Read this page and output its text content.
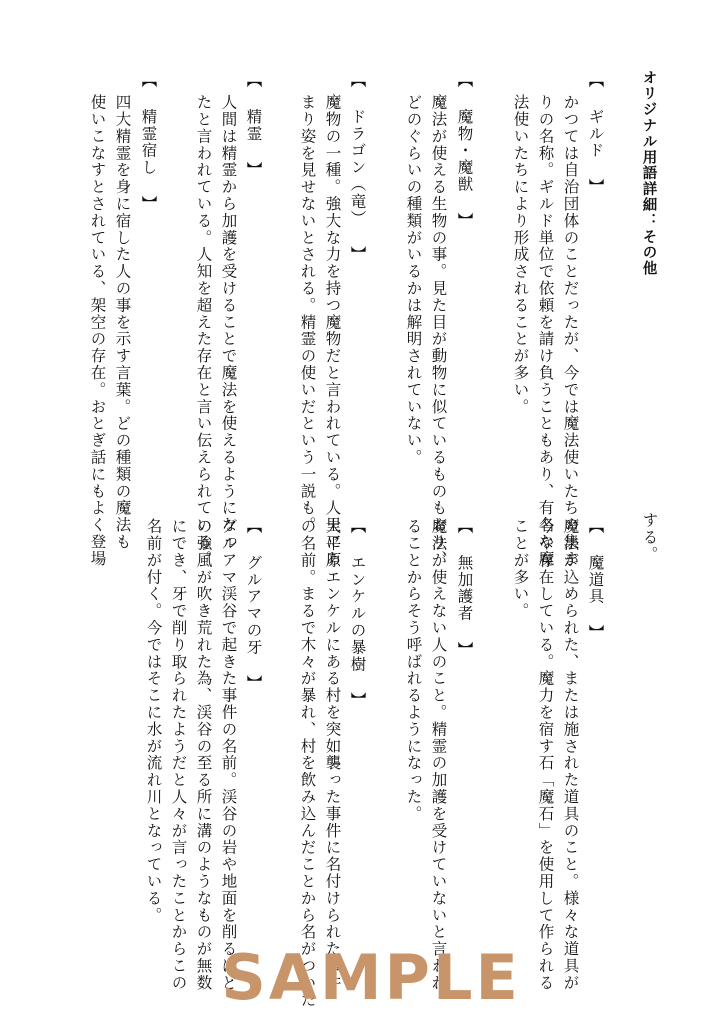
オリジナル用語詳細：その他
【 ギルド 】
かつては自治団体のことだったが、今では魔法使いたちの集ま
りの名称。ギルド単位で依頼を請け負うこともあり、有名な魔
法使いたちにより形成されることが多い。
【 魔物・魔獣 】
魔法が使える生物の事。見た目が動物に似ているものもおり、
どのぐらいの種類がいるかは解明されていない。
【 ドラゴン（竜） 】
魔物の一種。強大な力を持つ魔物だと言われている。人里にあ
まり姿を見せないとされる。精霊の使いだという一説も。
【 精霊 】
人間は精霊から加護を受けることで魔法を使えるようになっ
たと言われている。人知を超えた存在と言い伝えられている。
【 精霊宿し 】
四大精霊を身に宿した人の事を示す言葉。どの種類の魔法も
使いこなすとされている、架空の存在。おとぎ話にもよく登場	する。
【 魔道具 】
魔法が込められた、または施された道具のこと。様々な道具が
今や存在している。魔力を宿す石「魔石」を使用して作られる
ことが多い。
【 無加護者 】
魔法が使えない人のこと。精霊の加護を受けていないと言われ
ることからそう呼ばれるようになった。
【 エンケルの暴樹 】
大平原エンケルにある村を突如襲った事件に名付けられた事件
の名前。まるで木々が暴れ、村を飲み込んだことから名がついた
【 グルアマの牙 】
グルアマ渓谷で起きた事件の名前。渓谷の岩や地面を削るほど
の強風が吹き荒れた為、渓谷の至る所に溝のようなものが無数
にでき、牙で削り取られたようだと人々が言ったことからこの
名前が付く。今ではそこに水が流れ川となっている。
SAMPLE
